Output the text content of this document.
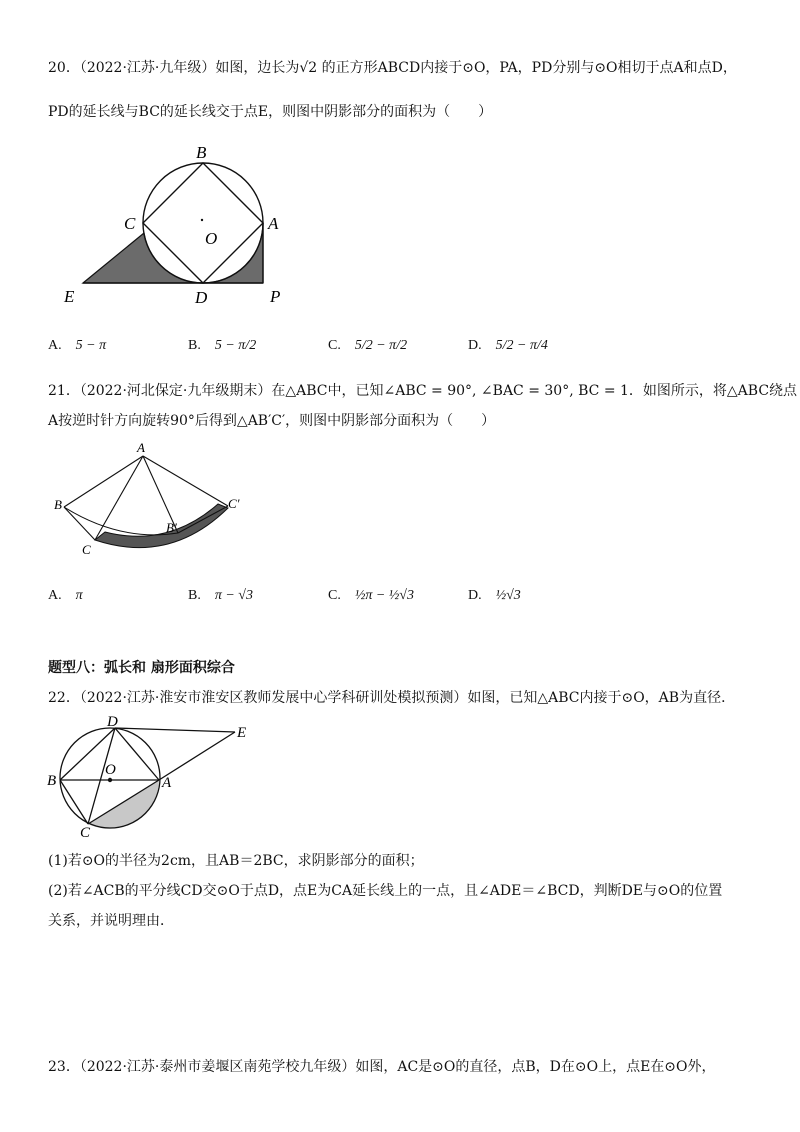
20．（2022·江苏·九年级）如图，边长为√2 的正方形ABCD内接于⊙O，PA，PD分别与⊙O相切于点A和点D，
PD的延长线与BC的延长线交于点E，则图中阴影部分的面积为（　　）
B
C
O
A
E	D	P
A. 5 − π	B. 5 − π/2	C. 5/2 − π/2	D. 5/2 − π/4
21．（2022·河北保定·九年级期末）在△ABC中，已知∠ABC = 90°, ∠BAC = 30°, BC = 1．如图所示，将△ABC绕点
A按逆时针方向旋转90°后得到△AB′C′，则图中阴影部分面积为（　　）
A
B
C
B′
C′
A. π	B. π − √3	C. ½π − ½√3	D. ½√3
题型八：弧长和 扇形面积综合
22．（2022·江苏·淮安市淮安区教师发展中心学科研训处模拟预测）如图，已知△ABC内接于⊙O，AB为直径．
D
E
B
O
A
C
(1)若⊙O的半径为2cm，且AB＝2BC，求阴影部分的面积；
(2)若∠ACB的平分线CD交⊙O于点D，点E为CA延长线上的一点，且∠ADE＝∠BCD，判断DE与⊙O的位置
关系，并说明理由．
23．（2022·江苏·泰州市姜堰区南苑学校九年级）如图，AC是⊙O的直径，点B，D在⊙O上，点E在⊙O外，
